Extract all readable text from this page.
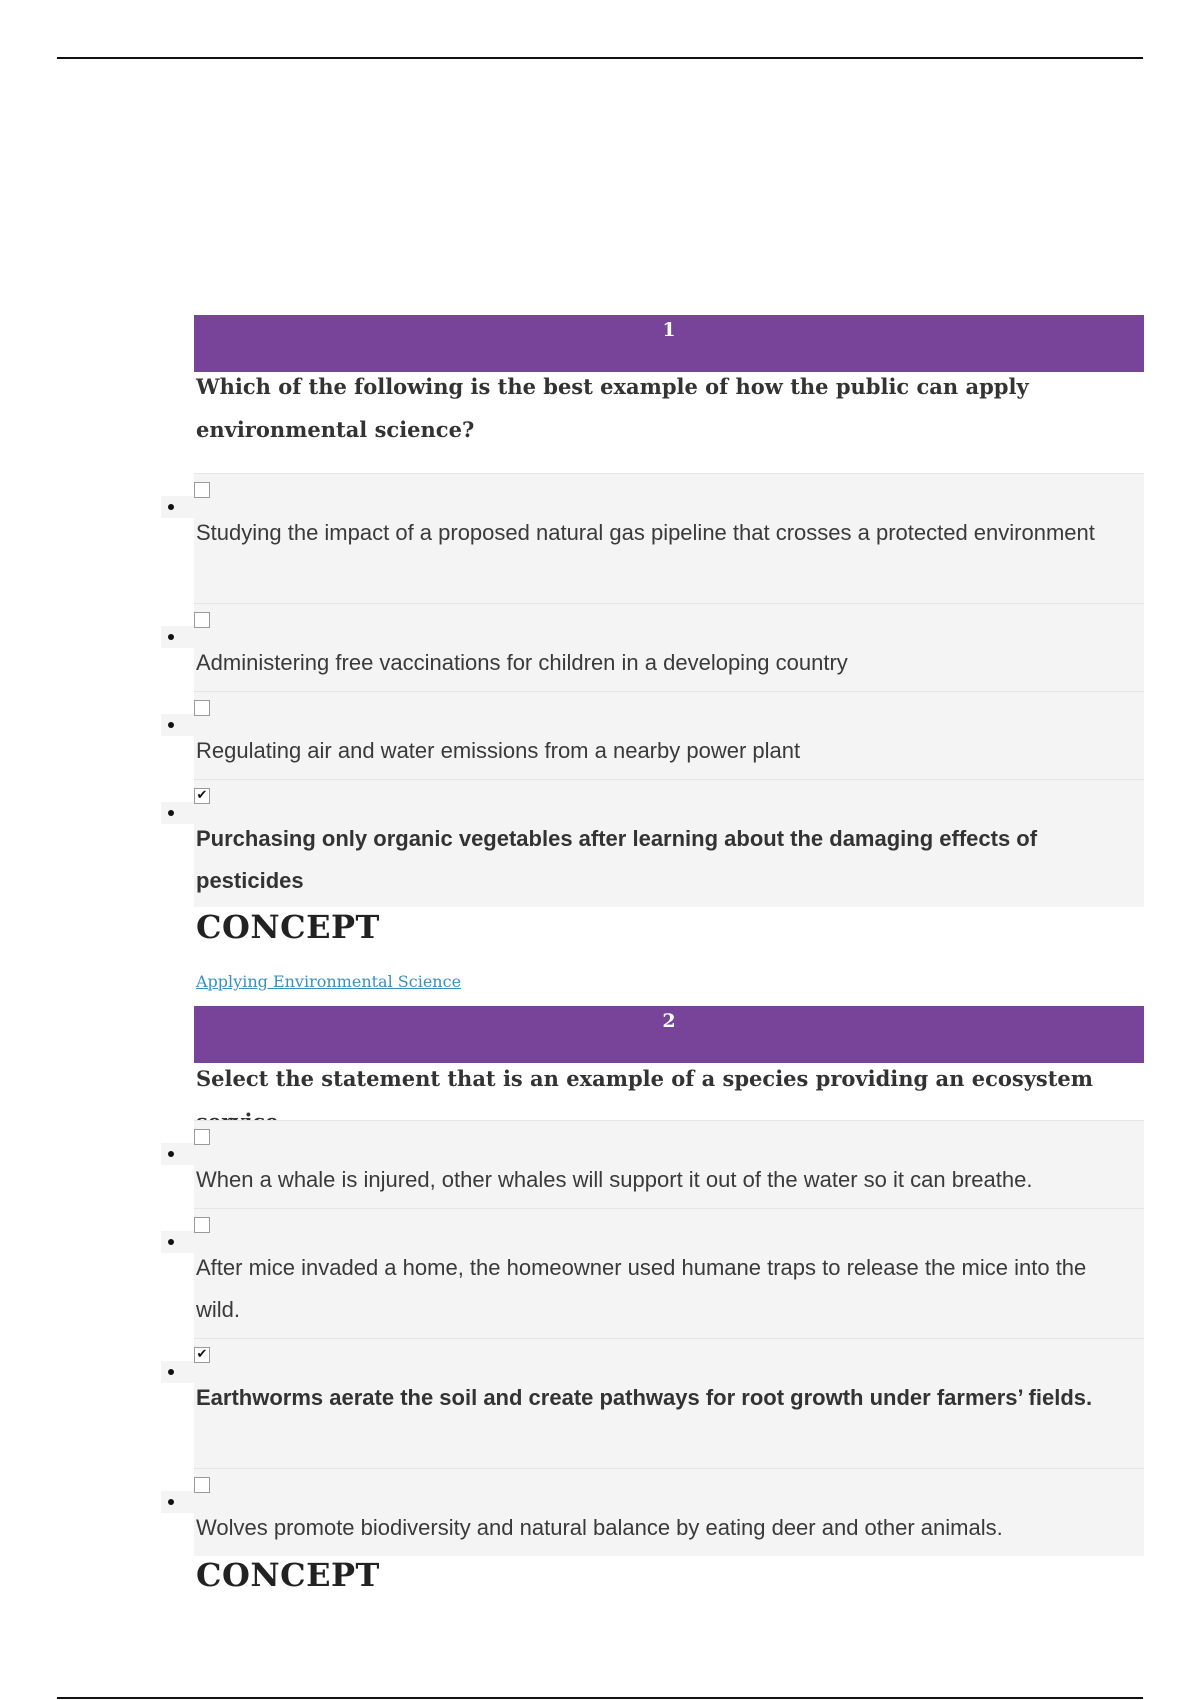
1
Which of the following is the best example of how the public can apply environmental science?
Studying the impact of a proposed natural gas pipeline that crosses a protected environment
Administering free vaccinations for children in a developing country
Regulating air and water emissions from a nearby power plant
✔
Purchasing only organic vegetables after learning about the damaging effects of pesticides
CONCEPT
Applying Environmental Science
2
Select the statement that is an example of a species providing an ecosystem
When a whale is injured, other whales will support it out of the water so it can breathe.
After mice invaded a home, the homeowner used humane traps to release the mice into the wild.
✔
Earthworms aerate the soil and create pathways for root growth under farmers’ fields.
Wolves promote biodiversity and natural balance by eating deer and other animals.
CONCEPT
